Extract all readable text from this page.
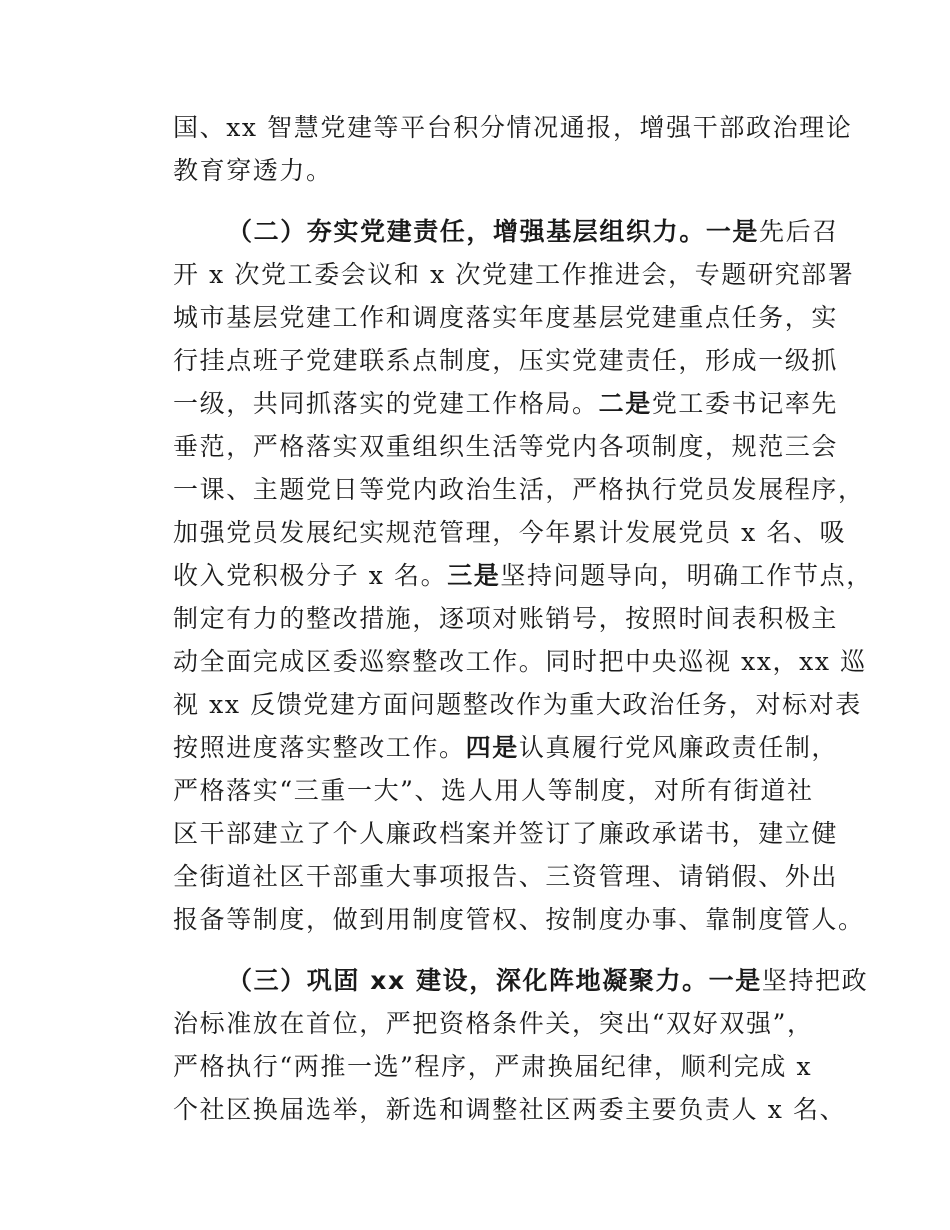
国、xx 智慧党建等平台积分情况通报，增强干部政治理论
教育穿透力。
（二）夯实党建责任，增强基层组织力。一是先后召
开 x 次党工委会议和 x 次党建工作推进会，专题研究部署
城市基层党建工作和调度落实年度基层党建重点任务，实
行挂点班子党建联系点制度，压实党建责任，形成一级抓
一级，共同抓落实的党建工作格局。二是党工委书记率先
垂范，严格落实双重组织生活等党内各项制度，规范三会
一课、主题党日等党内政治生活，严格执行党员发展程序，
加强党员发展纪实规范管理，今年累计发展党员 x 名、吸
收入党积极分子 x 名。三是坚持问题导向，明确工作节点，
制定有力的整改措施，逐项对账销号，按照时间表积极主
动全面完成区委巡察整改工作。同时把中央巡视 xx，xx 巡
视 xx 反馈党建方面问题整改作为重大政治任务，对标对表
按照进度落实整改工作。四是认真履行党风廉政责任制，
严格落实“三重一大”、选人用人等制度，对所有街道社
区干部建立了个人廉政档案并签订了廉政承诺书，建立健
全街道社区干部重大事项报告、三资管理、请销假、外出
报备等制度，做到用制度管权、按制度办事、靠制度管人。
（三）巩固 xx 建设，深化阵地凝聚力。一是坚持把政
治标准放在首位，严把资格条件关，突出“双好双强”，
严格执行“两推一选”程序，严肃换届纪律，顺利完成 x
个社区换届选举，新选和调整社区两委主要负责人 x 名、
